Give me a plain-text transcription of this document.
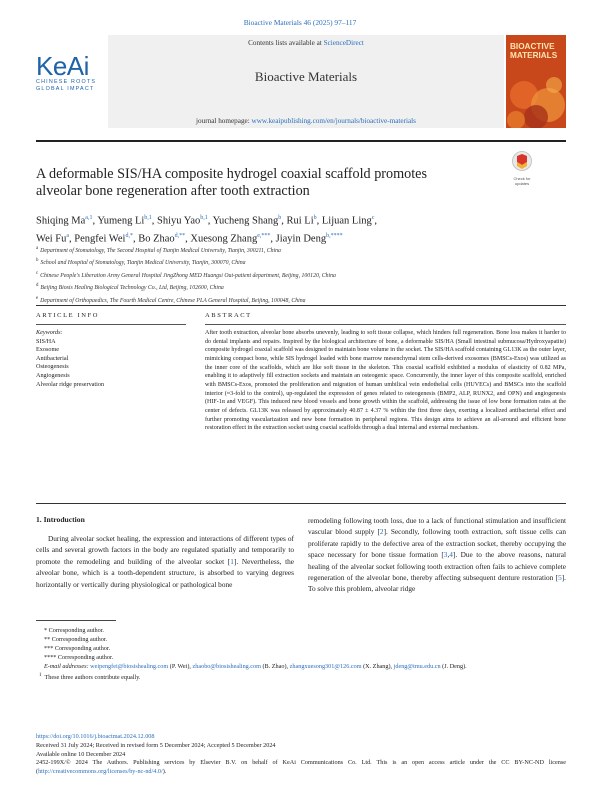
Bioactive Materials 46 (2025) 97–117
KeAi
CHINESE ROOTS
GLOBAL IMPACT
Contents lists available at ScienceDirect
Bioactive Materials
journal homepage: www.keaipublishing.com/en/journals/bioactive-materials
BIOACTIVE
MATERIALS
A deformable SIS/HA composite hydrogel coaxial scaffold promotes alveolar bone regeneration after tooth extraction
Check for updates
Shiqing Ma$^{a,1}$, Yumeng Li$^{b,1}$, Shiyu Yao$^{b,1}$, Yucheng Shang$^b$, Rui Li$^b$, Lijuan Ling$^c$,
Wei Fu$^a$, Pengfei Wei$^{d,*}$, Bo Zhao$^{d,**}$, Xuesong Zhang$^{e,***}$, Jiayin Deng$^{b,****}$
$^a$ Department of Stomatology, The Second Hospital of Tianjin Medical University, Tianjin, 300211, China
$^b$ School and Hospital of Stomatology, Tianjin Medical University, Tianjin, 300070, China
$^c$ Chinese People's Liberation Army General Hospital JingZhong MED Huangsi Out-patient department, Beijing, 100120, China
$^d$ Beijing Biosis Healing Biological Technology Co., Ltd, Beijing, 102600, China
$^e$ Department of Orthopaedics, The Fourth Medical Centre, Chinese PLA General Hospital, Beijing, 100048, China
ARTICLE INFO	ABSTRACT
Keywords:
SIS/HA
Exosome
Antibacterial
Osteogenesis
Angiogenesis
Alveolar ridge preservation
After tooth extraction, alveolar bone absorbs unevenly, leading to soft tissue collapse, which hinders full regeneration. Bone loss makes it harder to do dental implants and repairs. Inspired by the biological architecture of bone, a deformable SIS/HA (Small intestinal submucosa/Hydroxyapatite) composite hydrogel coaxial scaffold was designed to maintain bone volume in the socket. The SIS/HA scaffold containing GL13K as the outer layer, mimicking compact bone, while SIS hydrogel loaded with bone marrow mesenchymal stem cells-derived exosomes (BMSCs-Exos) was utilized as the inner core of the scaffolds, which are like soft tissue in the skeleton. This coaxial scaffold exhibited a modulus of elasticity of 0.82 MPa, enabling it to adaptively fill extraction sockets and maintain an osteogenic space. Concurrently, the inner layer of this composite scaffold, enriched with BMSCs-Exos, promoted the proliferation and migration of human umbilical vein endothelial cells (HUVECs) and BMSCs into the scaffold interior (≈3-fold to the control), up-regulated the expression of genes related to osteogenesis (BMP2, ALP, RUNX2, and OPN) and angiogenesis (HIF-1α and VEGF). This induced new blood vessels and bone growth within the scaffold, addressing the issue of low bone formation rates at the center of defects. GL13K was released by approximately 40.87 ± 4.37 % within the first three days, exerting a localized antibacterial effect and further promoting vascularization and new bone formation in peripheral regions. This design aims to achieve an all-around and efficient bone restoration effect in the extraction socket using coaxial scaffolds through a dual internal and external mechanism.
1. Introduction
During alveolar socket healing, the expression and interactions of different types of cells and several growth factors in the body are regulated spatially and temporarily to promote the remodeling and building of the alveolar socket [1]. Nevertheless, the alveolar bone, which is a tooth-dependent structure, is absorbed to varying degrees horizontally or vertically during physiological or pathological bone
remodeling following tooth loss, due to a lack of functional stimulation and insufficient vascular blood supply [2]. Secondly, following tooth extraction, soft tissue cells can proliferate rapidly to the defective area of the extraction socket, thereby occupying the space necessary for bone tissue formation [3,4]. Due to the above reasons, natural healing of the alveolar socket following tooth extraction often fails to achieve complete regeneration of the alveolar bone, thereby affecting subsequent denture restoration [5]. To solve this problem, alveolar ridge
* Corresponding author.
** Corresponding author.
*** Corresponding author.
**** Corresponding author.
E-mail addresses: weipengfei@biosishealing.com (P. Wei), zhaobo@biosishealing.com (B. Zhao), zhangxuesong301@126.com (X. Zhang), jdeng@tmu.edu.cn (J. Deng).
$^1$ These three authors contribute equally.
https://doi.org/10.1016/j.bioactmat.2024.12.008
Received 31 July 2024; Received in revised form 5 December 2024; Accepted 5 December 2024
Available online 10 December 2024
2452-199X/© 2024 The Authors. Publishing services by Elsevier B.V. on behalf of KeAi Communications Co. Ltd. This is an open access article under the CC BY-NC-ND license (http://creativecommons.org/licenses/by-nc-nd/4.0/).
